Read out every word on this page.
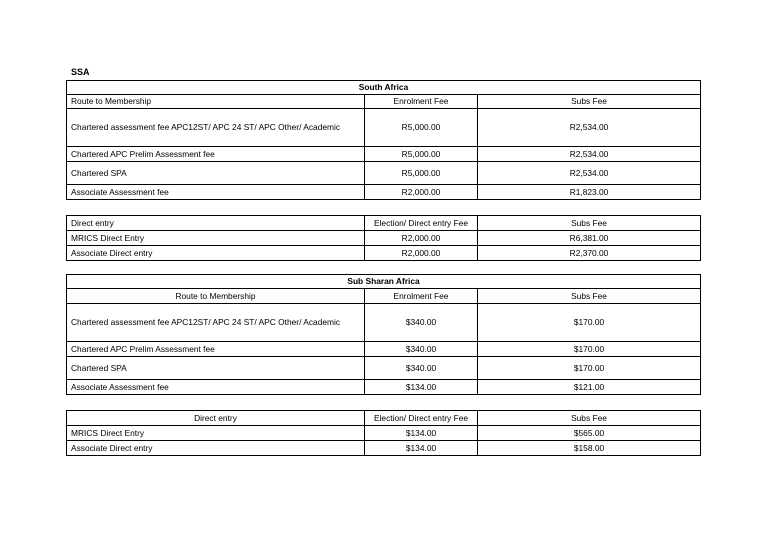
SSA
South Africa		
Route to Membership	Enrolment Fee	Subs Fee
Chartered assessment fee APC12ST/ APC 24 ST/ APC Other/ Academic	R5,000.00	R2,534.00
Chartered APC Prelim Assessment fee	R5,000.00	R2,534.00
Chartered SPA	R5,000.00	R2,534.00
Associate Assessment fee	R2,000.00	R1,823.00
Direct entry	Election/ Direct entry Fee	Subs Fee
MRICS Direct Entry	R2,000.00	R6,381.00
Associate Direct entry	R2,000.00	R2,370.00
Sub Sharan Africa		
Route to Membership	Enrolment Fee	Subs Fee
Chartered assessment fee APC12ST/ APC 24 ST/ APC Other/ Academic	$340.00	$170.00
Chartered APC Prelim Assessment fee	$340.00	$170.00
Chartered SPA	$340.00	$170.00
Associate Assessment fee	$134.00	$121.00
Direct entry	Election/ Direct entry Fee	Subs Fee
MRICS Direct Entry	$134.00	$565.00
Associate Direct entry	$134.00	$158.00
